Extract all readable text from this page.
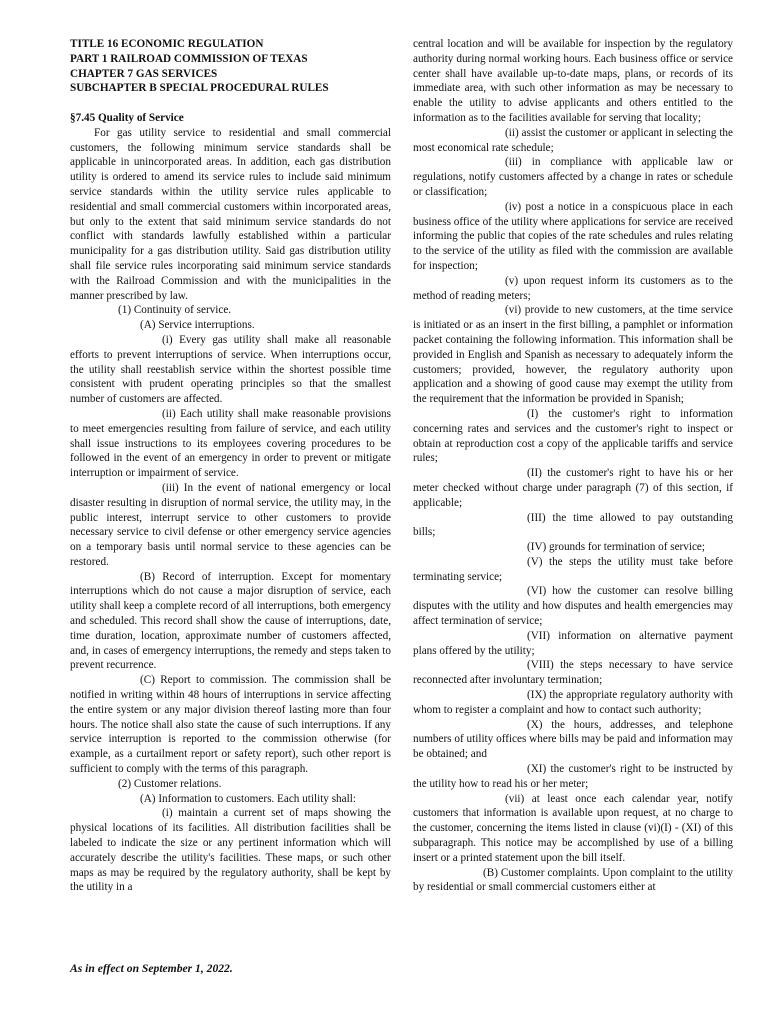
TITLE 16 ECONOMIC REGULATION

PART 1 RAILROAD COMMISSION OF TEXAS

CHAPTER 7 GAS SERVICES

SUBCHAPTER B SPECIAL PROCEDURAL RULES

§7.45 Quality of Service

For gas utility service to residential and small commercial customers, the following minimum service standards shall be applicable in unincorporated areas. In addition, each gas distribution utility is ordered to amend its service rules to include said minimum service standards within the utility service rules applicable to residential and small commercial customers within incorporated areas, but only to the extent that said minimum service standards do not conflict with standards lawfully established within a particular municipality for a gas distribution utility. Said gas distribution utility shall file service rules incorporating said minimum service standards with the Railroad Commission and with the municipalities in the manner prescribed by law.

(1) Continuity of service.

(A) Service interruptions.

(i) Every gas utility shall make all reasonable efforts to prevent interruptions of service. When interruptions occur, the utility shall reestablish service within the shortest possible time consistent with prudent operating principles so that the smallest number of customers are affected.

(ii) Each utility shall make reasonable provisions to meet emergencies resulting from failure of service, and each utility shall issue instructions to its employees covering procedures to be followed in the event of an emergency in order to prevent or mitigate interruption or impairment of service.

(iii) In the event of national emergency or local disaster resulting in disruption of normal service, the utility may, in the public interest, interrupt service to other customers to provide necessary service to civil defense or other emergency service agencies on a temporary basis until normal service to these agencies can be restored.

(B) Record of interruption. Except for momentary interruptions which do not cause a major disruption of service, each utility shall keep a complete record of all interruptions, both emergency and scheduled. This record shall show the cause of interruptions, date, time duration, location, approximate number of customers affected, and, in cases of emergency interruptions, the remedy and steps taken to prevent recurrence.

(C) Report to commission. The commission shall be notified in writing within 48 hours of interruptions in service affecting the entire system or any major division thereof lasting more than four hours. The notice shall also state the cause of such interruptions. If any service interruption is reported to the commission otherwise (for example, as a curtailment report or safety report), such other report is sufficient to comply with the terms of this paragraph.

(2) Customer relations.

(A) Information to customers. Each utility shall:

(i) maintain a current set of maps showing the physical locations of its facilities. All distribution facilities shall be labeled to indicate the size or any pertinent information which will accurately describe the utility's facilities. These maps, or such other maps as may be required by the regulatory authority, shall be kept by the utility in a

central location and will be available for inspection by the regulatory authority during normal working hours. Each business office or service center shall have available up-to-date maps, plans, or records of its immediate area, with such other information as may be necessary to enable the utility to advise applicants and others entitled to the information as to the facilities available for serving that locality;

(ii) assist the customer or applicant in selecting the most economical rate schedule;

(iii) in compliance with applicable law or regulations, notify customers affected by a change in rates or schedule or classification;

(iv) post a notice in a conspicuous place in each business office of the utility where applications for service are received informing the public that copies of the rate schedules and rules relating to the service of the utility as filed with the commission are available for inspection;

(v) upon request inform its customers as to the method of reading meters;

(vi) provide to new customers, at the time service is initiated or as an insert in the first billing, a pamphlet or information packet containing the following information. This information shall be provided in English and Spanish as necessary to adequately inform the customers; provided, however, the regulatory authority upon application and a showing of good cause may exempt the utility from the requirement that the information be provided in Spanish;

(I) the customer's right to information concerning rates and services and the customer's right to inspect or obtain at reproduction cost a copy of the applicable tariffs and service rules;

(II) the customer's right to have his or her meter checked without charge under paragraph (7) of this section, if applicable;

(III) the time allowed to pay outstanding bills;

(IV) grounds for termination of service;

(V) the steps the utility must take before terminating service;

(VI) how the customer can resolve billing disputes with the utility and how disputes and health emergencies may affect termination of service;

(VII) information on alternative payment plans offered by the utility;

(VIII) the steps necessary to have service reconnected after involuntary termination;

(IX) the appropriate regulatory authority with whom to register a complaint and how to contact such authority;

(X) the hours, addresses, and telephone numbers of utility offices where bills may be paid and information may be obtained; and

(XI) the customer's right to be instructed by the utility how to read his or her meter;

(vii) at least once each calendar year, notify customers that information is available upon request, at no charge to the customer, concerning the items listed in clause (vi)(I) - (XI) of this subparagraph. This notice may be accomplished by use of a billing insert or a printed statement upon the bill itself.

(B) Customer complaints. Upon complaint to the utility by residential or small commercial customers either at

As in effect on September 1, 2022.
